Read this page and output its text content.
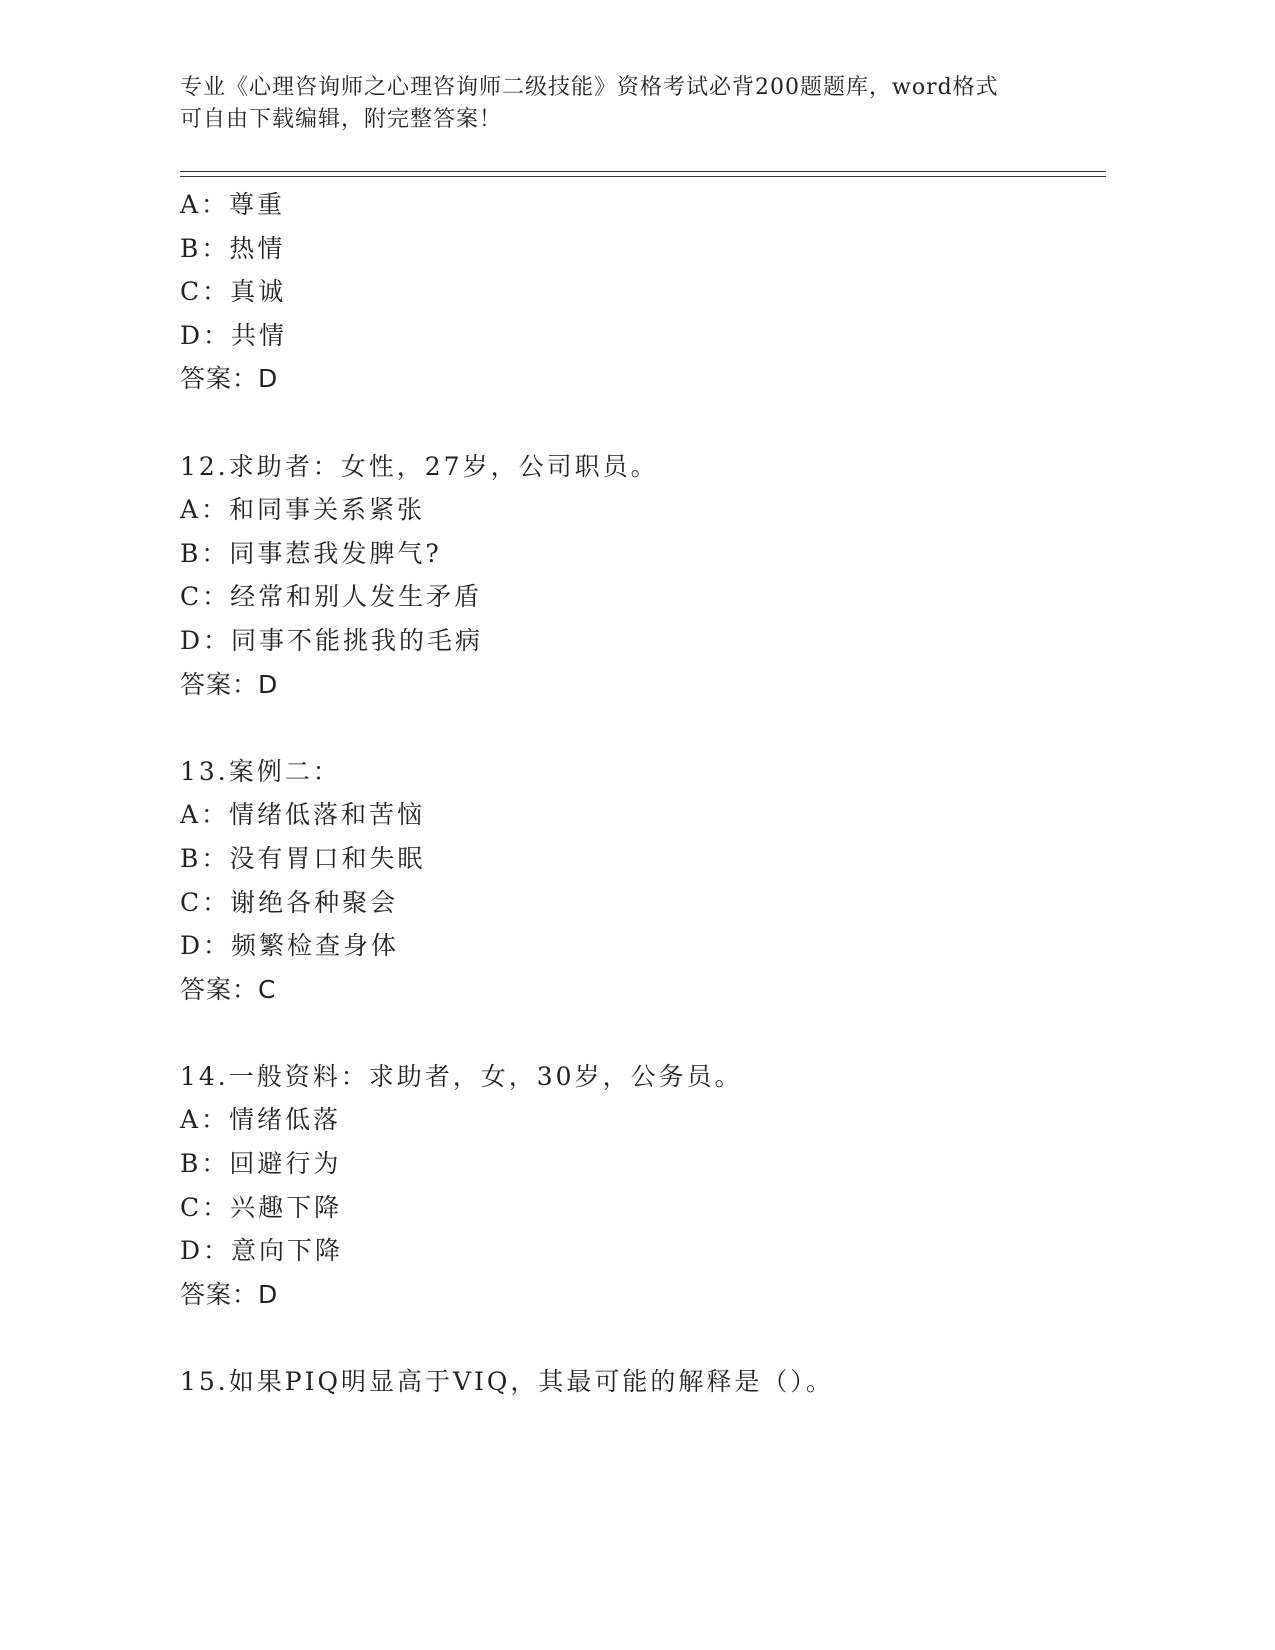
专业《心理咨询师之心理咨询师二级技能》资格考试必背200题题库，word格式
可自由下载编辑，附完整答案！
A：尊重
B：热情
C：真诚
D：共情
答案：D
12.求助者：女性，27岁，公司职员。
A：和同事关系紧张
B：同事惹我发脾气?
C：经常和别人发生矛盾
D：同事不能挑我的毛病
答案：D
13.案例二：
A：情绪低落和苦恼
B：没有胃口和失眠
C：谢绝各种聚会
D：频繁检查身体
答案：C
14.一般资料：求助者，女，30岁，公务员。
A：情绪低落
B：回避行为
C：兴趣下降
D：意向下降
答案：D
15.如果PIQ明显高于VIQ，其最可能的解释是（）。
